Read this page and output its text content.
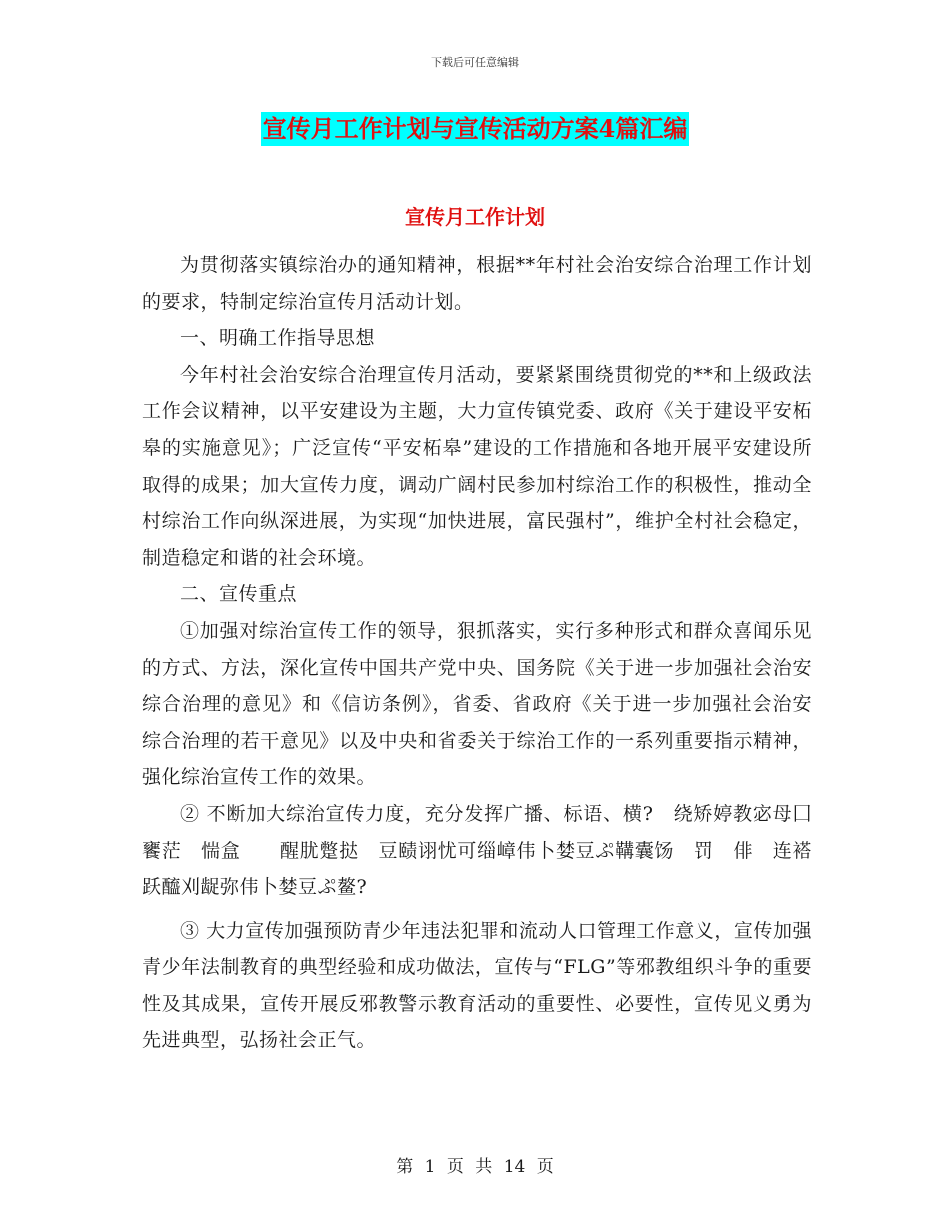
下载后可任意编辑
宣传月工作计划与宣传活动方案4篇汇编
宣传月工作计划

为贯彻落实镇综治办的通知精神，根据**年村社会治安综合治理工作计划的要求，特制定综治宣传月活动计划。

一、明确工作指导思想

今年村社会治安综合治理宣传月活动，要紧紧围绕贯彻党的**和上级政法工作会议精神，以平安建设为主题，大力宣传镇党委、政府《关于建设平安柘皋的实施意见》；广泛宣传“平安柘皋”建设的工作措施和各地开展平安建设所取得的成果；加大宣传力度，调动广阔村民参加村综治工作的积极性，推动全村综治工作向纵深进展，为实现“加快进展，富民强村”，维护全村社会稳定，制造稳定和谐的社会环境。

二、宣传重点

①加强对综治宣传工作的领导，狠抓落实，实行多种形式和群众喜闻乐见的方式、方法，深化宣传中国共产党中央、国务院《关于进一步加强社会治安综合治理的意见》和《信访条例》，省委、省政府《关于进一步加强社会治安综合治理的若干意见》以及中央和省委关于综治工作的一系列重要指示精神，强化综治宣传工作的效果。

② 不断加大综治宣传力度，充分发挥广播、标语、横?　绕矫婷教宓母囗　饔茫　惴盒　　醒肬蹩挞　豆赜诩忧可缁嶂伟卜婪豆ぷ鞲囊饧　罚　俳　连褡跃醯刈龊弥伟卜婪豆ぷ鳌?

③ 大力宣传加强预防青少年违法犯罪和流动人口管理工作意义，宣传加强青少年法制教育的典型经验和成功做法，宣传与“FLG”等邪教组织斗争的重要性及其成果，宣传开展反邪教警示教育活动的重要性、必要性，宣传见义勇为先进典型，弘扬社会正气。

第 1 页 共 14 页
